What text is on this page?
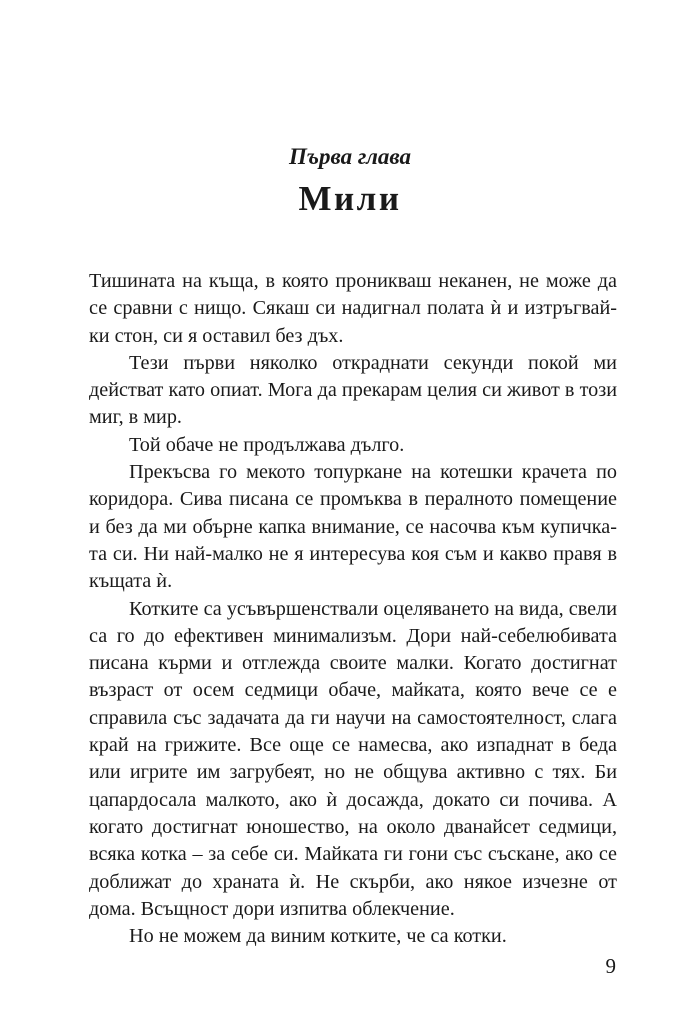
Първа глава
Мили

Тишината на къща, в която проникваш неканен, не може да се сравни с нищо. Сякаш си надигнал полата ѝ и изтръгвайки стон, си я оставил без дъх.

Тези първи няколко откраднати секунди покой ми действат като опиат. Мога да прекарам целия си живот в този миг, в мир.

Той обаче не продължава дълго.

Прекъсва го мекото топуркане на котешки крачета по коридора. Сива писана се промъква в пералното помещение и без да ми обърне капка внимание, се насочва към купичката си. Ни най-малко не я интересува коя съм и какво правя в къщата ѝ.

Котките са усъвършенствали оцеляването на вида, свели са го до ефективен минимализъм. Дори най-себелюбивата писана кърми и отглежда своите малки. Когато достигнат възраст от осем седмици обаче, майката, която вече се е справила със задачата да ги научи на самостоятелност, слага край на грижите. Все още се намесва, ако изпаднат в беда или игрите им загрубеят, но не общува активно с тях. Би цапардосала малкото, ако ѝ досажда, докато си почива. А когато достигнат юношество, на около дванайсет седмици, всяка котка – за себе си. Майката ги гони със съскане, ако се доближат до храната ѝ. Не скърби, ако някое изчезне от дома. Всъщност дори изпитва облекчение.

Но не можем да виним котките, че са котки.

9
